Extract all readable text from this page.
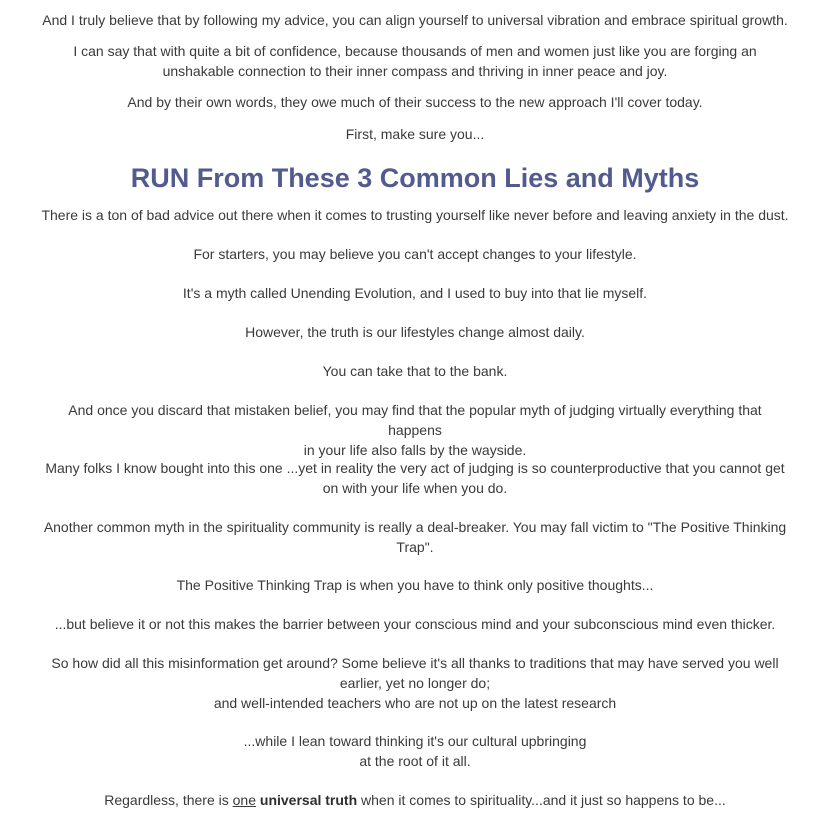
And I truly believe that by following my advice, you can align yourself to universal vibration and embrace spiritual growth.

I can say that with quite a bit of confidence, because thousands of men and women just like you are forging an
unshakable connection to their inner compass and thriving in inner peace and joy.

And by their own words, they owe much of their success to the new approach I'll cover today.

First, make sure you...

RUN From These 3 Common Lies and Myths

There is a ton of bad advice out there when it comes to trusting yourself like never before and leaving anxiety in the dust.

For starters, you may believe you can't accept changes to your lifestyle.

It's a myth called Unending Evolution, and I used to buy into that lie myself.

However, the truth is our lifestyles change almost daily.

You can take that to the bank.

And once you discard that mistaken belief, you may find that the popular myth of judging virtually everything that happens
in your life also falls by the wayside.

Many folks I know bought into this one ...yet in reality the very act of judging is so counterproductive that you cannot get
on with your life when you do.

Another common myth in the spirituality community is really a deal-breaker. You may fall victim to "The Positive Thinking
Trap".

The Positive Thinking Trap is when you have to think only positive thoughts...

...but believe it or not this makes the barrier between your conscious mind and your subconscious mind even thicker.

So how did all this misinformation get around? Some believe it's all thanks to traditions that may have served you well
earlier, yet no longer do;
and well-intended teachers who are not up on the latest research

...while I lean toward thinking it's our cultural upbringing
at the root of it all.

Regardless, there is one universal truth when it comes to spirituality...and it just so happens to be...
